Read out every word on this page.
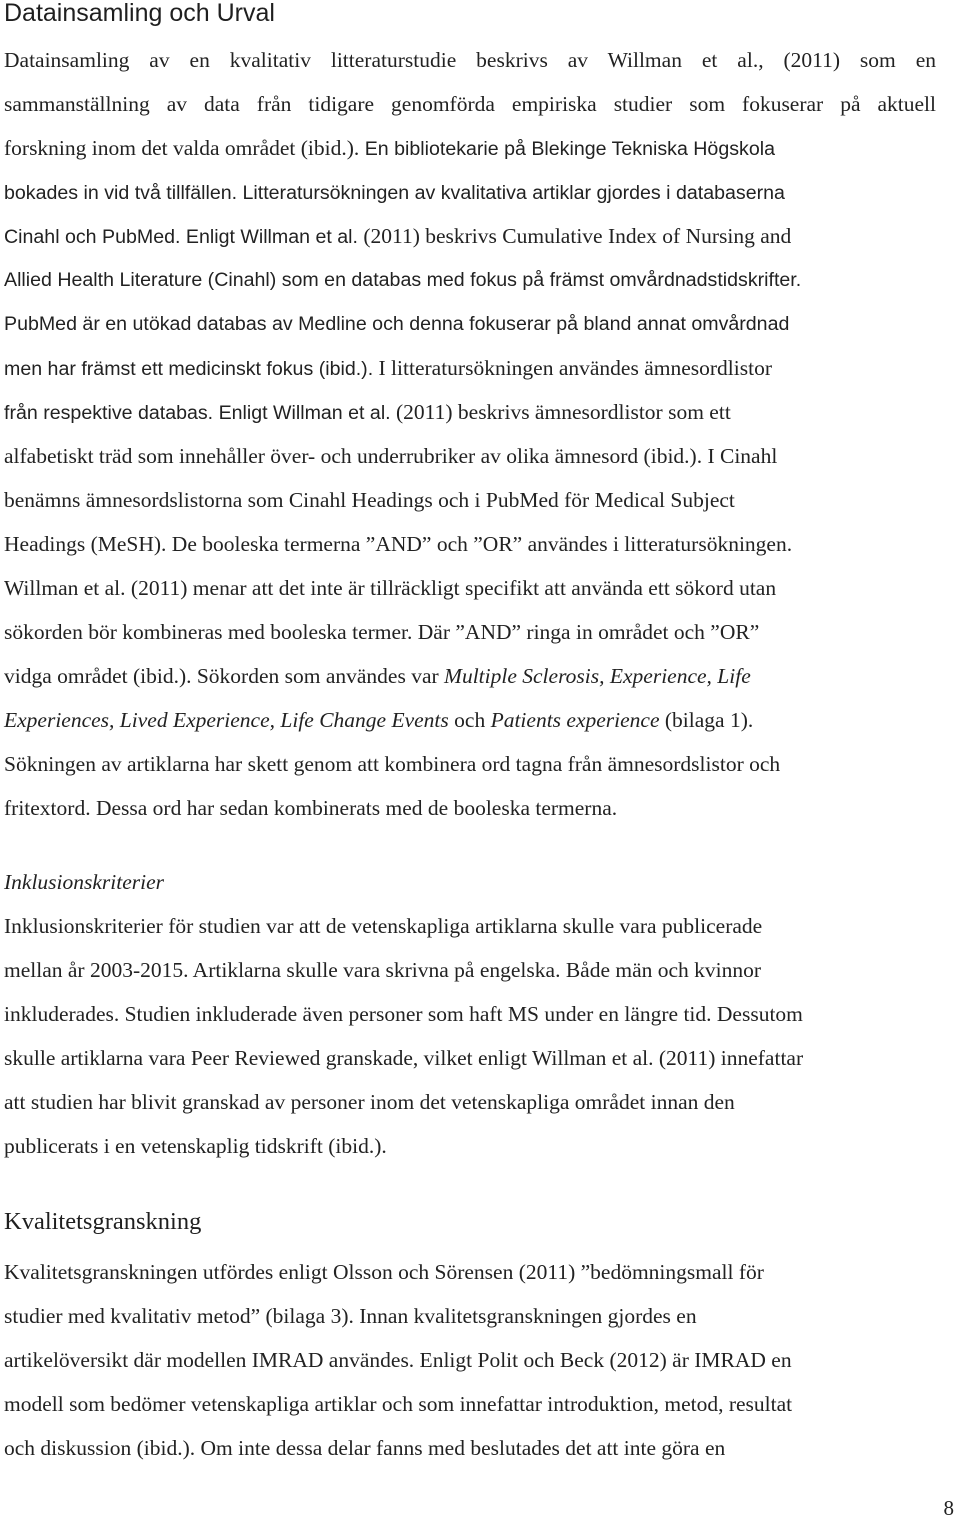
Datainsamling och Urval
Datainsamling av en kvalitativ litteraturstudie beskrivs av Willman et al., (2011) som en
sammanställning av data från tidigare genomförda empiriska studier som fokuserar på aktuell
forskning inom det valda området (ibid.). En bibliotekarie på Blekinge Tekniska Högskola
bokades in vid två tillfällen. Litteratursökningen av kvalitativa artiklar gjordes i databaserna
Cinahl och PubMed. Enligt Willman et al. (2011) beskrivs Cumulative Index of Nursing and
Allied Health Literature (Cinahl) som en databas med fokus på främst omvårdnadstidskrifter.
PubMed är en utökad databas av Medline och denna fokuserar på bland annat omvårdnad
men har främst ett medicinskt fokus (ibid.). I litteratursökningen användes ämnesordlistor
från respektive databas. Enligt Willman et al. (2011) beskrivs ämnesordlistor som ett
alfabetiskt träd som innehåller över- och underrubriker av olika ämnesord (ibid.). I Cinahl
benämns ämnesordslistorna som Cinahl Headings och i PubMed för Medical Subject
Headings (MeSH). De booleska termerna ”AND” och ”OR” användes i litteratursökningen.
Willman et al. (2011) menar att det inte är tillräckligt specifikt att använda ett sökord utan
sökorden bör kombineras med booleska termer. Där ”AND” ringa in området och ”OR”
vidga området (ibid.). Sökorden som användes var Multiple Sclerosis, Experience, Life
Experiences, Lived Experience, Life Change Events och Patients experience (bilaga 1).
Sökningen av artiklarna har skett genom att kombinera ord tagna från ämnesordslistor och
fritextord. Dessa ord har sedan kombinerats med de booleska termerna.
Inklusionskriterier
Inklusionskriterier för studien var att de vetenskapliga artiklarna skulle vara publicerade
mellan år 2003-2015. Artiklarna skulle vara skrivna på engelska. Både män och kvinnor
inkluderades. Studien inkluderade även personer som haft MS under en längre tid. Dessutom
skulle artiklarna vara Peer Reviewed granskade, vilket enligt Willman et al. (2011) innefattar
att studien har blivit granskad av personer inom det vetenskapliga området innan den
publicerats i en vetenskaplig tidskrift (ibid.).
Kvalitetsgranskning
Kvalitetsgranskningen utfördes enligt Olsson och Sörensen (2011) ”bedömningsmall för
studier med kvalitativ metod” (bilaga 3). Innan kvalitetsgranskningen gjordes en
artikelöversikt där modellen IMRAD användes. Enligt Polit och Beck (2012) är IMRAD en
modell som bedömer vetenskapliga artiklar och som innefattar introduktion, metod, resultat
och diskussion (ibid.). Om inte dessa delar fanns med beslutades det att inte göra en
8
